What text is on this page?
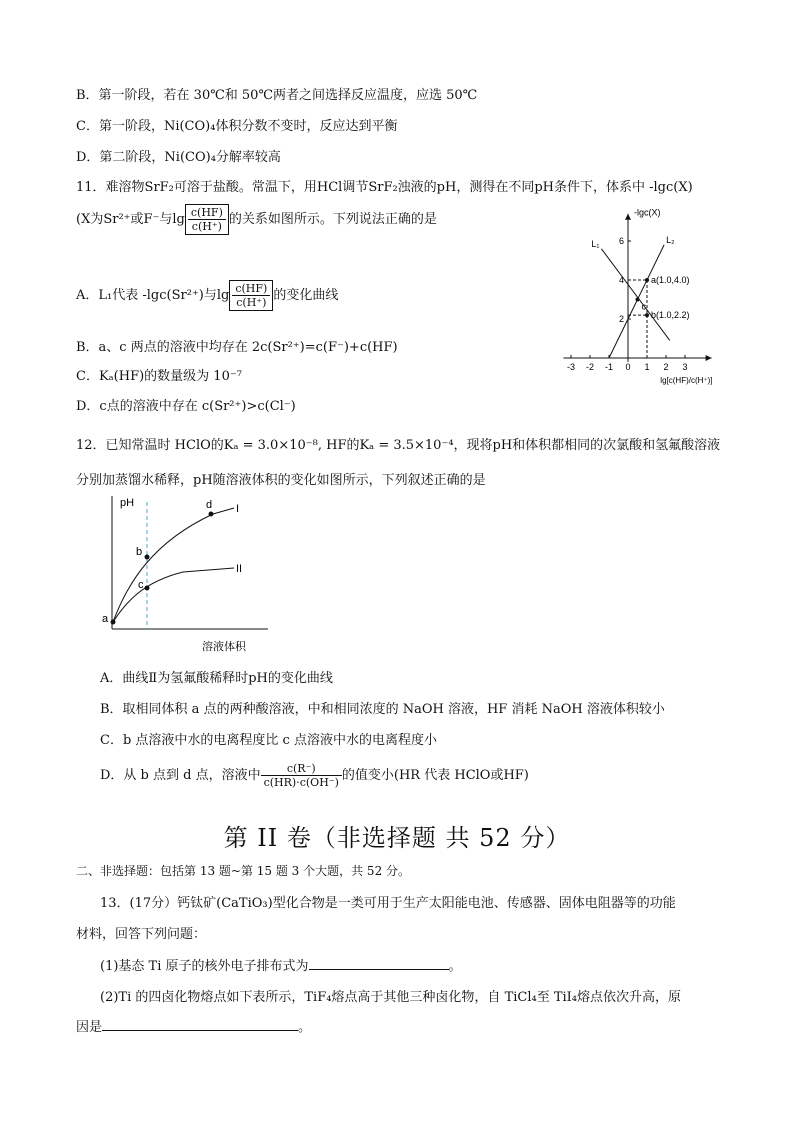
B．第一阶段，若在 30℃和 50℃两者之间选择反应温度，应选 50℃
C．第一阶段，Ni(CO)₄体积分数不变时，反应达到平衡
D．第二阶段，Ni(CO)₄分解率较高
11．难溶物SrF₂可溶于盐酸。常温下，用HCl调节SrF₂浊液的pH，测得在不同pH条件下，体系中 -lgc(X)
(X为Sr²⁺或F⁻与$\lg \frac{c(HF)}{c(H^+)}$ 的关系如图所示。下列说法正确的是
A．L₁代表 -lgc(Sr²⁺)与$\lg \frac{c(HF)}{c(H^+)}$ 的变化曲线
B．a、c 两点的溶液中均存在 2c(Sr²⁺)=c(F⁻)+c(HF)
C．Kₐ(HF)的数量级为 10⁻⁷
D．c点的溶液中存在 c(Sr²⁺)>c(Cl⁻)
-3 -2 -1 0 1 2 3
2
4
6
-lgc(X)
lg[c(HF)/c(H⁺)]
L₁	L₂
a(1.0,4.0)
b(1.0,2.2)
c
12．已知常温时 HClO的Kₐ = 3.0×10⁻⁸, HF的Kₐ = 3.5×10⁻⁴，现将pH和体积都相同的次氯酸和氢氟酸溶液
分别加蒸馏水稀释，pH随溶液体积的变化如图所示，下列叙述正确的是
pH
溶液体积
I
II
a
b
c
d
A．曲线Ⅱ为氢氟酸稀释时pH的变化曲线
B．取相同体积 a 点的两种酸溶液，中和相同浓度的 NaOH 溶液，HF 消耗 NaOH 溶液体积较小
C．b 点溶液中水的电离程度比 c 点溶液中水的电离程度小
D．从 b 点到 d 点，溶液中 $\frac{c(R^-)}{c(HR)\cdot c(OH^-)}$ 的值变小(HR 代表 HClO或HF)
第 II 卷（非选择题 共 52 分）
二、非选择题：包括第 13 题~第 15 题 3 个大题，共 52 分。
13．(17分）钙钛矿(CaTiO₃)型化合物是一类可用于生产太阳能电池、传感器、固体电阻器等的功能
材料，回答下列问题：
(1)基态 Ti 原子的核外电子排布式为	。
(2)Ti 的四卤化物熔点如下表所示，TiF₄熔点高于其他三种卤化物，自 TiCl₄至 TiI₄熔点依次升高，原
因是	。
